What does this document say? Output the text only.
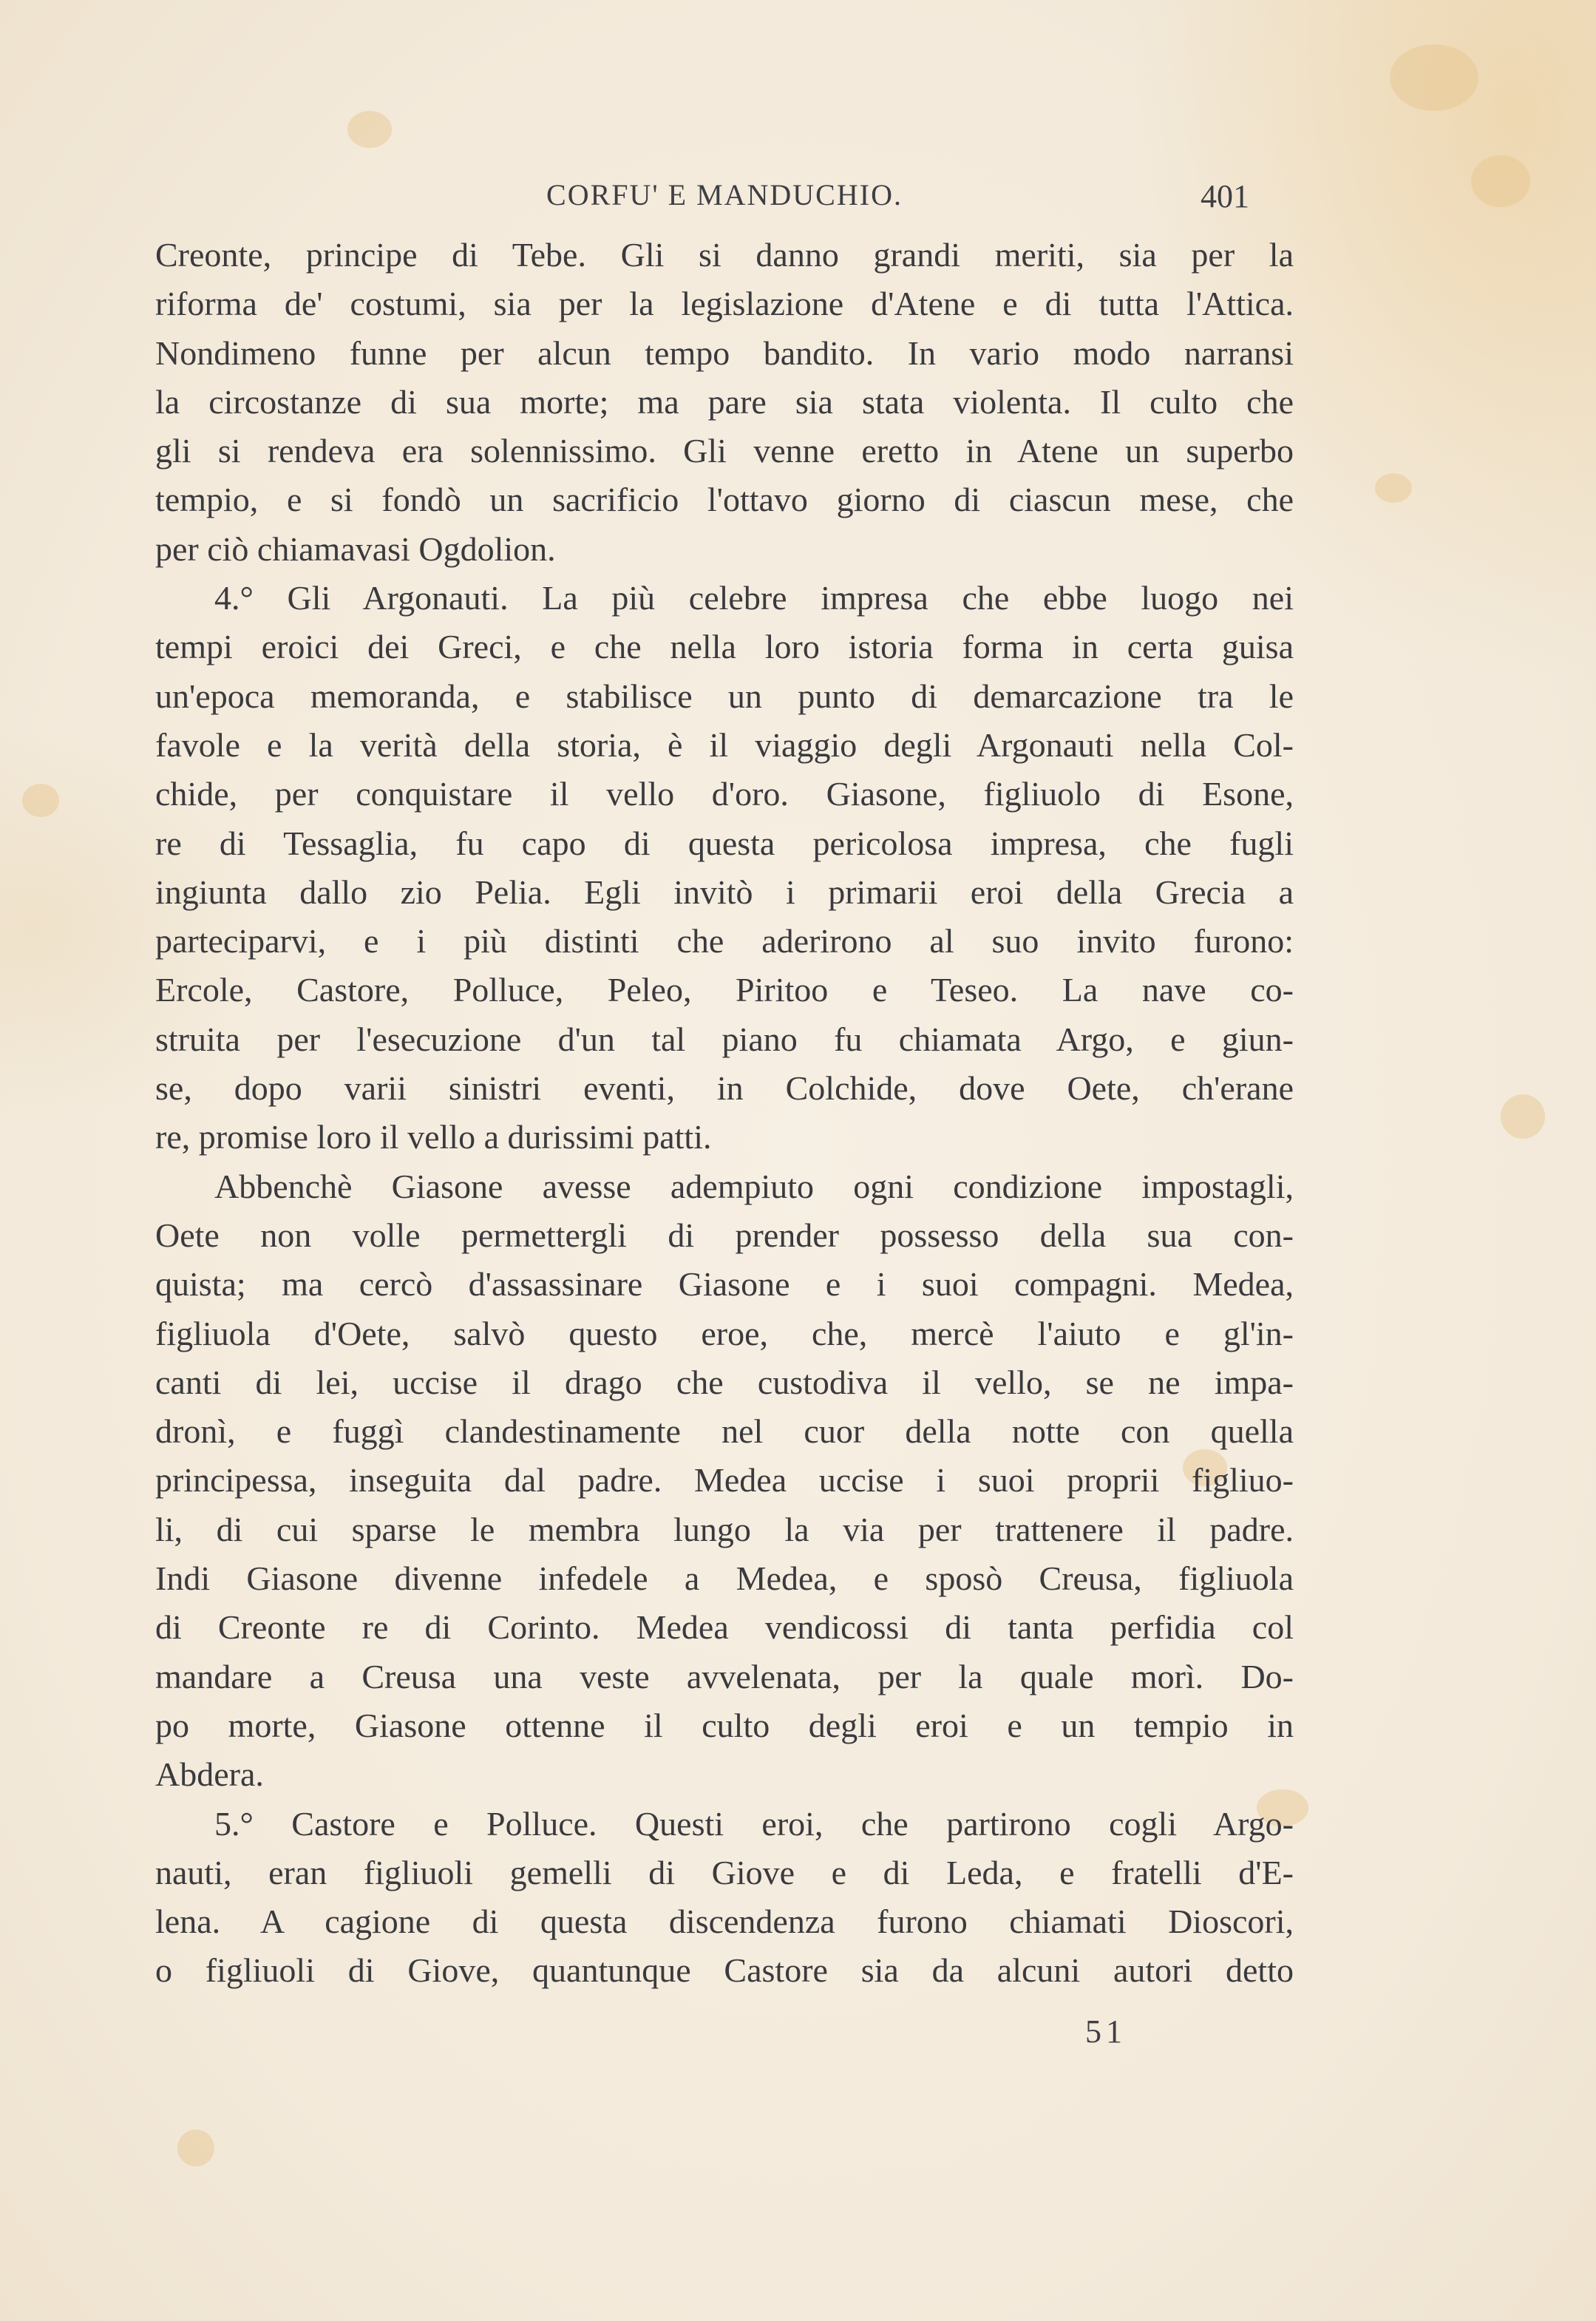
CORFU' E MANDUCHIO.	401
Creonte, principe di Tebe. Gli si danno grandi meriti, sia per la
riforma de' costumi, sia per la legislazione d'Atene e di tutta l'Attica.
Nondimeno funne per alcun tempo bandito. In vario modo narransi
la circostanze di sua morte; ma pare sia stata violenta. Il culto che
gli si rendeva era solennissimo. Gli venne eretto in Atene un superbo
tempio, e si fondò un sacrificio l'ottavo giorno di ciascun mese, che
per ciò chiamavasi Ogdolion.
4.° Gli Argonauti. La più celebre impresa che ebbe luogo nei
tempi eroici dei Greci, e che nella loro istoria forma in certa guisa
un'epoca memoranda, e stabilisce un punto di demarcazione tra le
favole e la verità della storia, è il viaggio degli Argonauti nella Col-
chide, per conquistare il vello d'oro. Giasone, figliuolo di Esone,
re di Tessaglia, fu capo di questa pericolosa impresa, che fugli
ingiunta dallo zio Pelia. Egli invitò i primarii eroi della Grecia a
parteciparvi, e i più distinti che aderirono al suo invito furono:
Ercole, Castore, Polluce, Peleo, Piritoo e Teseo. La nave co-
struita per l'esecuzione d'un tal piano fu chiamata Argo, e giun-
se, dopo varii sinistri eventi, in Colchide, dove Oete, ch'erane
re, promise loro il vello a durissimi patti.
Abbenchè Giasone avesse adempiuto ogni condizione impostagli,
Oete non volle permettergli di prender possesso della sua con-
quista; ma cercò d'assassinare Giasone e i suoi compagni. Medea,
figliuola d'Oete, salvò questo eroe, che, mercè l'aiuto e gl'in-
canti di lei, uccise il drago che custodiva il vello, se ne impa-
dronì, e fuggì clandestinamente nel cuor della notte con quella
principessa, inseguita dal padre. Medea uccise i suoi proprii figliuo-
li, di cui sparse le membra lungo la via per trattenere il padre.
Indi Giasone divenne infedele a Medea, e sposò Creusa, figliuola
di Creonte re di Corinto. Medea vendicossi di tanta perfidia col
mandare a Creusa una veste avvelenata, per la quale morì. Do-
po morte, Giasone ottenne il culto degli eroi e un tempio in
Abdera.
5.° Castore e Polluce. Questi eroi, che partirono cogli Argo-
nauti, eran figliuoli gemelli di Giove e di Leda, e fratelli d'E-
lena. A cagione di questa discendenza furono chiamati Dioscori,
o figliuoli di Giove, quantunque Castore sia da alcuni autori detto
51
